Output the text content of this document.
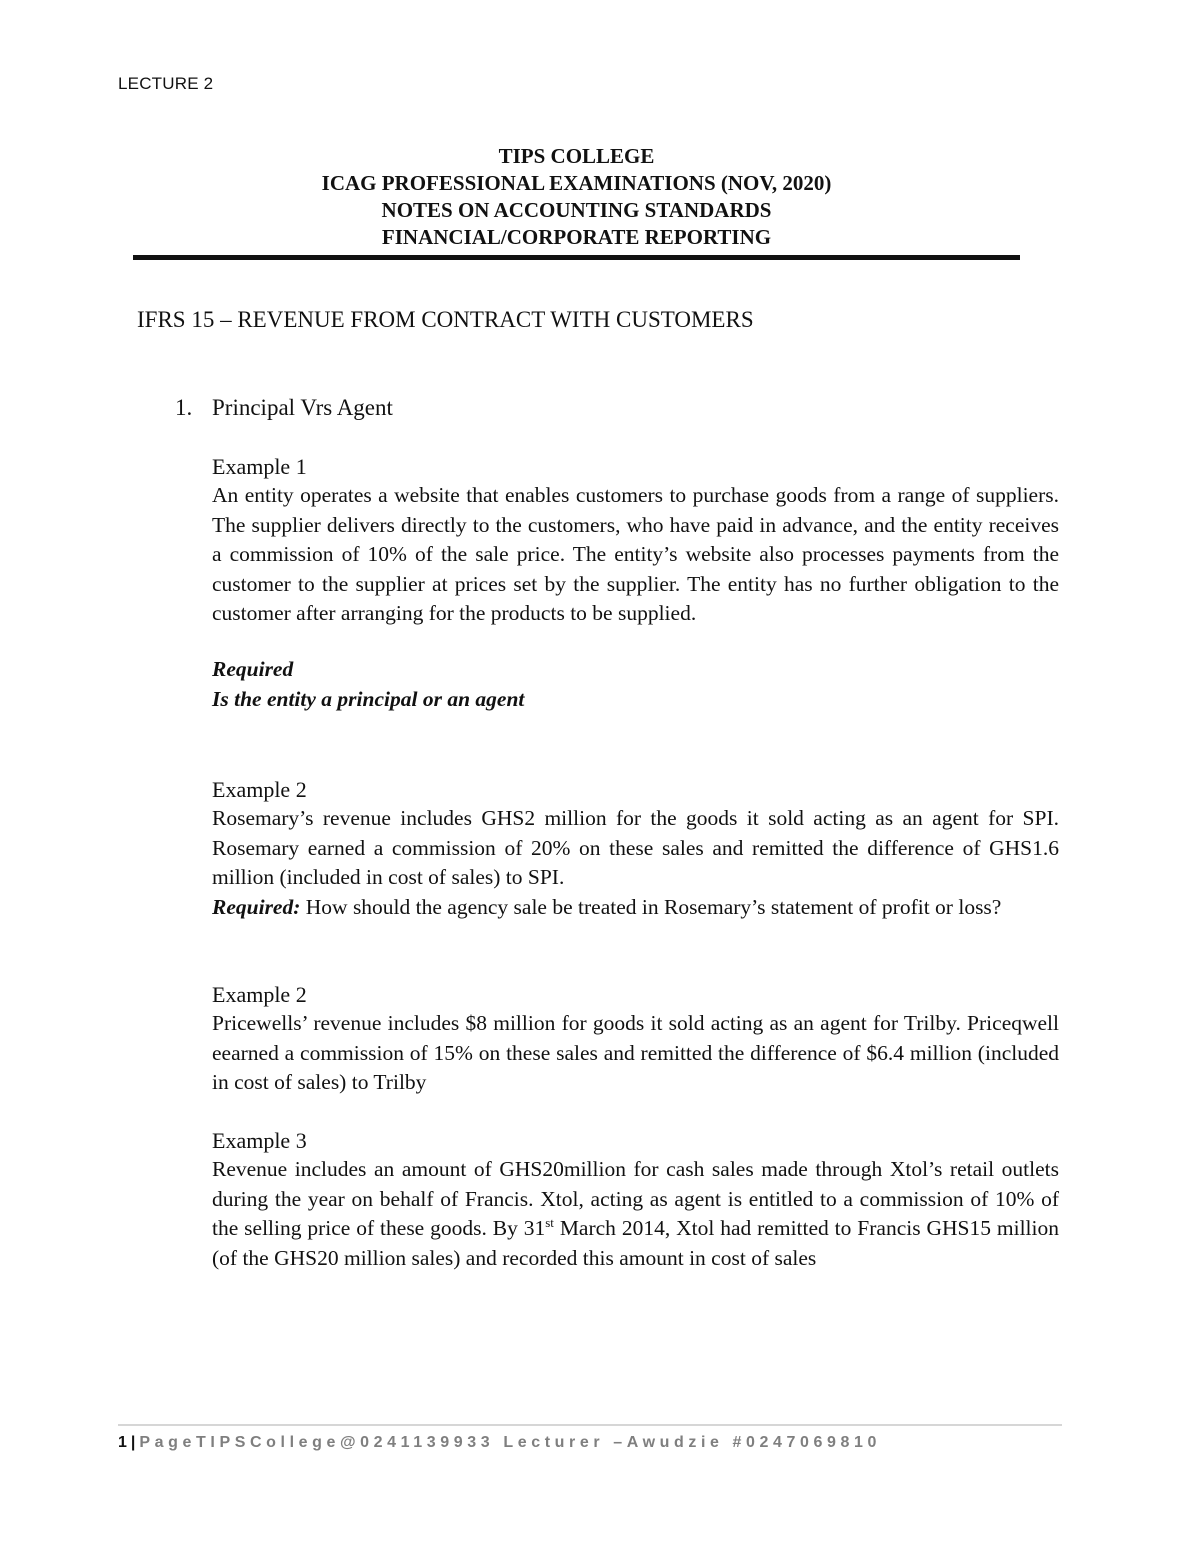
LECTURE 2
TIPS COLLEGE
ICAG PROFESSIONAL EXAMINATIONS (NOV, 2020)
NOTES ON ACCOUNTING STANDARDS
FINANCIAL/CORPORATE REPORTING
IFRS 15 – REVENUE FROM CONTRACT WITH CUSTOMERS
1. Principal Vrs Agent
Example 1
An entity operates a website that enables customers to purchase goods from a range of suppliers. The supplier delivers directly to the customers, who have paid in advance, and the entity receives a commission of 10% of the sale price. The entity’s website also processes payments from the customer to the supplier at prices set by the supplier. The entity has no further obligation to the customer after arranging for the products to be supplied.
Required
Is the entity a principal or an agent
Example 2
Rosemary’s revenue includes GHS2 million for the goods it sold acting as an agent for SPI. Rosemary earned a commission of 20% on these sales and remitted the difference of GHS1.6 million (included in cost of sales) to SPI.
Required: How should the agency sale be treated in Rosemary’s statement of profit or loss?
Example 2
Pricewells’ revenue includes $8 million for goods it sold acting as an agent for Trilby. Priceqwell eearned a commission of 15% on these sales and remitted the difference of $6.4 million (included in cost of sales) to Trilby
Example 3
Revenue includes an amount of GHS20million for cash sales made through Xtol’s retail outlets during the year on behalf of Francis. Xtol, acting as agent is entitled to a commission of 10% of the selling price of these goods. By 31st March 2014, Xtol had remitted to Francis GHS15 million (of the GHS20 million sales) and recorded this amount in cost of sales
1 | PageTIPSCollege@0241139933 Lecturer –Awudzie #0247069810
